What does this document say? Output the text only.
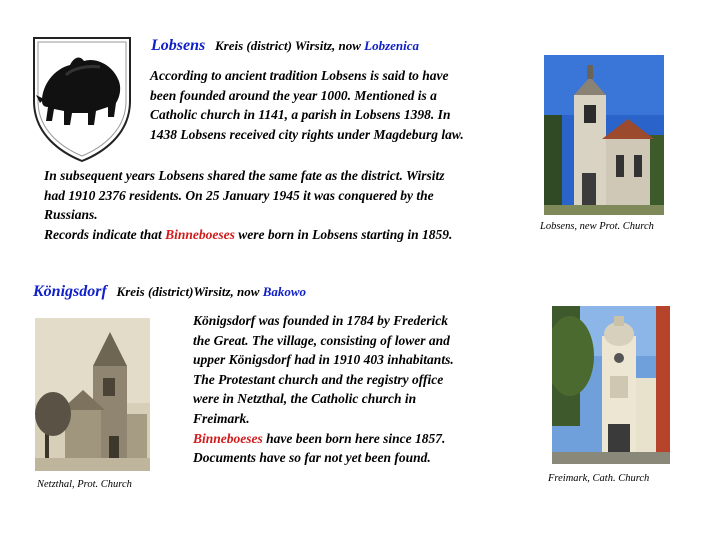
Lobsens Kreis (district) Wirsitz, now Lobzenica

According to ancient tradition Lobsens is said to have

been founded around the year 1000. Mentioned is a

Catholic church in 1141, a parish in Lobsens 1398. In

1438 Lobsens received city rights under Magdeburg law.

In subsequent years Lobsens shared the same fate as the district. Wirsitz

had 1910 2376 residents. On 25 January 1945 it was conquered by the

Russians.

Records indicate that Binneboeses were born in Lobsens starting in 1859.

Lobsens, new Prot. Church
Königsdorf Kreis (district)Wirsitz, now Bakowo
Netzthal, Prot. Church

Königsdorf was founded in 1784 by Frederick

the Great. The village, consisting of lower and

upper Königsdorf had in 1910 403 inhabitants.

The Protestant church and the registry office

were in Netzthal, the Catholic church in

Freimark.

Binneboeses have been born here since 1857.

Documents have so far not yet been found.

Freimark, Cath. Church
